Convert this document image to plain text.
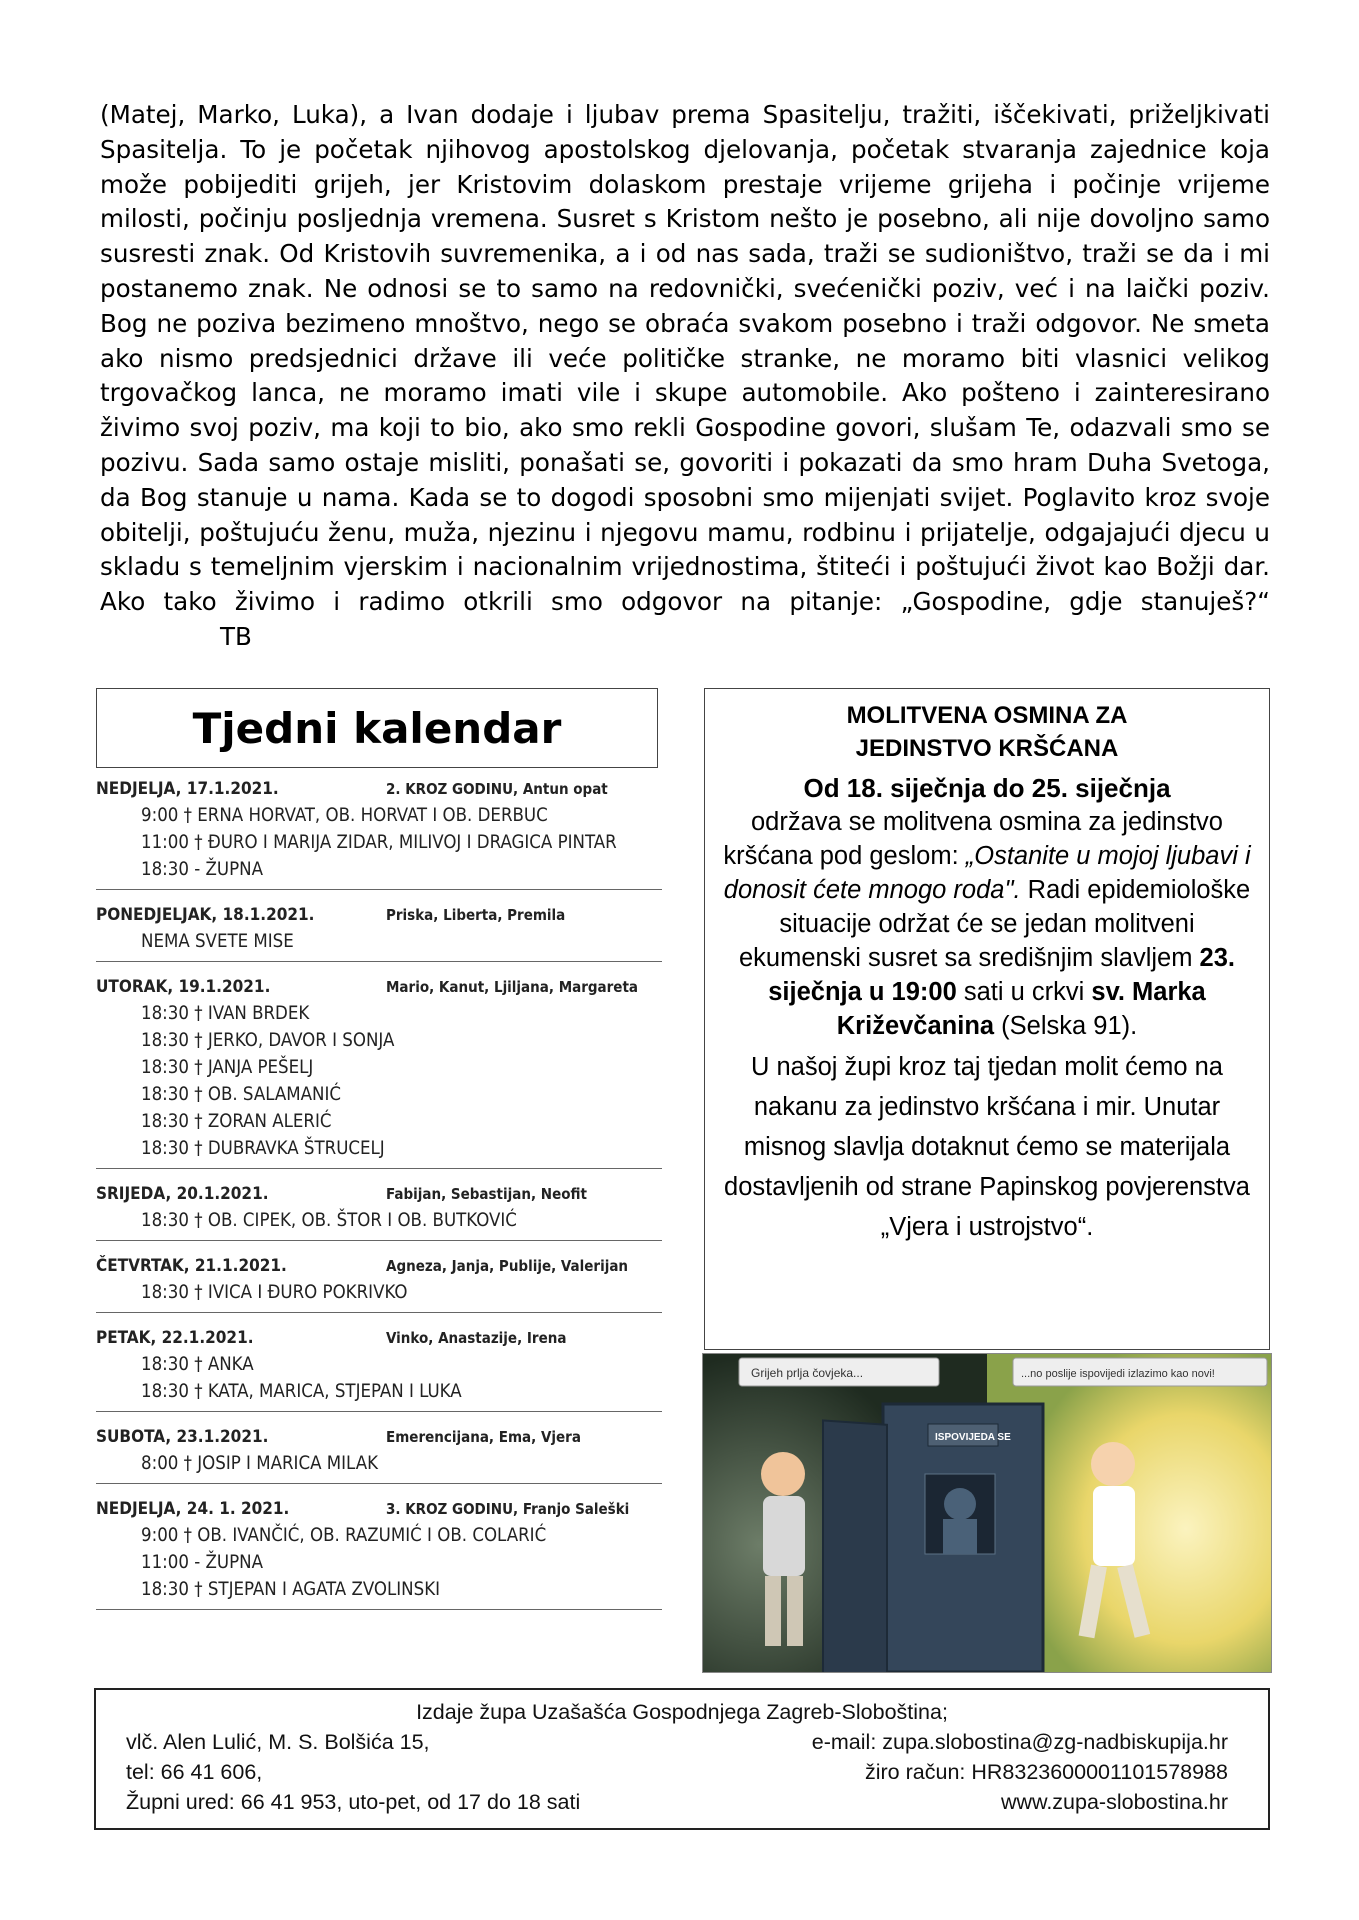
(Matej, Marko, Luka), a Ivan dodaje i ljubav prema Spasitelju, tražiti, iščekivati, priželjkivati Spasitelja. To je početak njihovog apostolskog djelovanja, početak stvaranja zajednice koja može pobijediti grijeh, jer Kristovim dolaskom prestaje vrijeme grijeha i počinje vrijeme milosti, počinju posljednja vremena. Susret s Kristom nešto je posebno, ali nije dovoljno samo susresti znak. Od Kristovih suvremenika, a i od nas sada, traži se sudioništvo, traži se da i mi postanemo znak. Ne odnosi se to samo na redovnički, svećenički poziv, već i na laički poziv. Bog ne poziva bezimeno mnoštvo, nego se obraća svakom posebno i traži odgovor. Ne smeta ako nismo predsjednici države ili veće političke stranke, ne moramo biti vlasnici velikog trgovačkog lanca, ne moramo imati vile i skupe automobile. Ako pošteno i zainteresirano živimo svoj poziv, ma koji to bio, ako smo rekli Gospodine govori, slušam Te, odazvali smo se pozivu. Sada samo ostaje misliti, ponašati se, govoriti i pokazati da smo hram Duha Svetoga, da Bog stanuje u nama. Kada se to dogodi sposobni smo mijenjati svijet. Poglavito kroz svoje obitelji, poštujuću ženu, muža, njezinu i njegovu mamu, rodbinu i prijatelje, odgajajući djecu u skladu s temeljnim vjerskim i nacionalnim vrijednostima, štiteći i poštujući život kao Božji dar. Ako tako živimo i radimo otkrili smo odgovor na pitanje: „Gospodine, gdje stanuješ?“TB

Tjedni kalendar
NEDJELJA, 17.1.2021.	2. KROZ GODINU, Antun opat
9:00 † ERNA HORVAT, OB. HORVAT I OB. DERBUC
11:00 † ĐURO I MARIJA ZIDAR, MILIVOJ I DRAGICA PINTAR
18:30 - ŽUPNA
PONEDJELJAK, 18.1.2021.	Priska, Liberta, Premila
NEMA SVETE MISE
UTORAK, 19.1.2021.	Mario, Kanut, Ljiljana, Margareta
18:30 † IVAN BRDEK
18:30 † JERKO, DAVOR I SONJA
18:30 † JANJA PEŠELJ
18:30 † OB. SALAMANIĆ
18:30 † ZORAN ALERIĆ
18:30 † DUBRAVKA ŠTRUCELJ
SRIJEDA, 20.1.2021.	Fabijan, Sebastijan, Neofit
18:30 † OB. CIPEK, OB. ŠTOR I OB. BUTKOVIĆ
ČETVRTAK, 21.1.2021.	Agneza, Janja, Publije, Valerijan
18:30 † IVICA I ĐURO POKRIVKO
PETAK, 22.1.2021.	Vinko, Anastazije, Irena
18:30 † ANKA
18:30 † KATA, MARICA, STJEPAN I LUKA
SUBOTA, 23.1.2021.	Emerencijana, Ema, Vjera
8:00 † JOSIP I MARICA MILAK
NEDJELJA, 24. 1. 2021.	3. KROZ GODINU, Franjo Saleški
9:00 † OB. IVANČIĆ, OB. RAZUMIĆ I OB. COLARIĆ
11:00 - ŽUPNA
18:30 † STJEPAN I AGATA ZVOLINSKI
MOLITVENA OSMINA ZA
JEDINSTVO KRŠĆANA
Od 18. siječnja do 25. siječnja
održava se molitvena osmina za jedinstvo kršćana pod geslom: „Ostanite u mojoj ljubavi i donosit ćete mnogo roda". Radi epidemiološke situacije održat će se jedan molitveni ekumenski susret sa središnjim slavljem 23. siječnja u 19:00 sati u crkvi sv. Marka Križevčanina (Selska 91).
U našoj župi kroz taj tjedan molit ćemo na nakanu za jedinstvo kršćana i mir. Unutar misnog slavlja dotaknut ćemo se materijala dostavljenih od strane Papinskog povjerenstva „Vjera i ustrojstvo“.
Grijeh prlja čovjeka...	...no poslije ispovijedi izlazimo kao novi!
ISPOVIJEDA SE
Izdaje župa Uzašašća Gospodnjega Zagreb-Sloboština;
vlč. Alen Lulić, M. S. Bolšića 15,	e-mail: zupa.slobostina@zg-nadbiskupija.hr
tel: 66 41 606,	žiro račun: HR8323600001101578988
Župni ured: 66 41 953, uto-pet, od 17 do 18 sati	www.zupa-slobostina.hr
